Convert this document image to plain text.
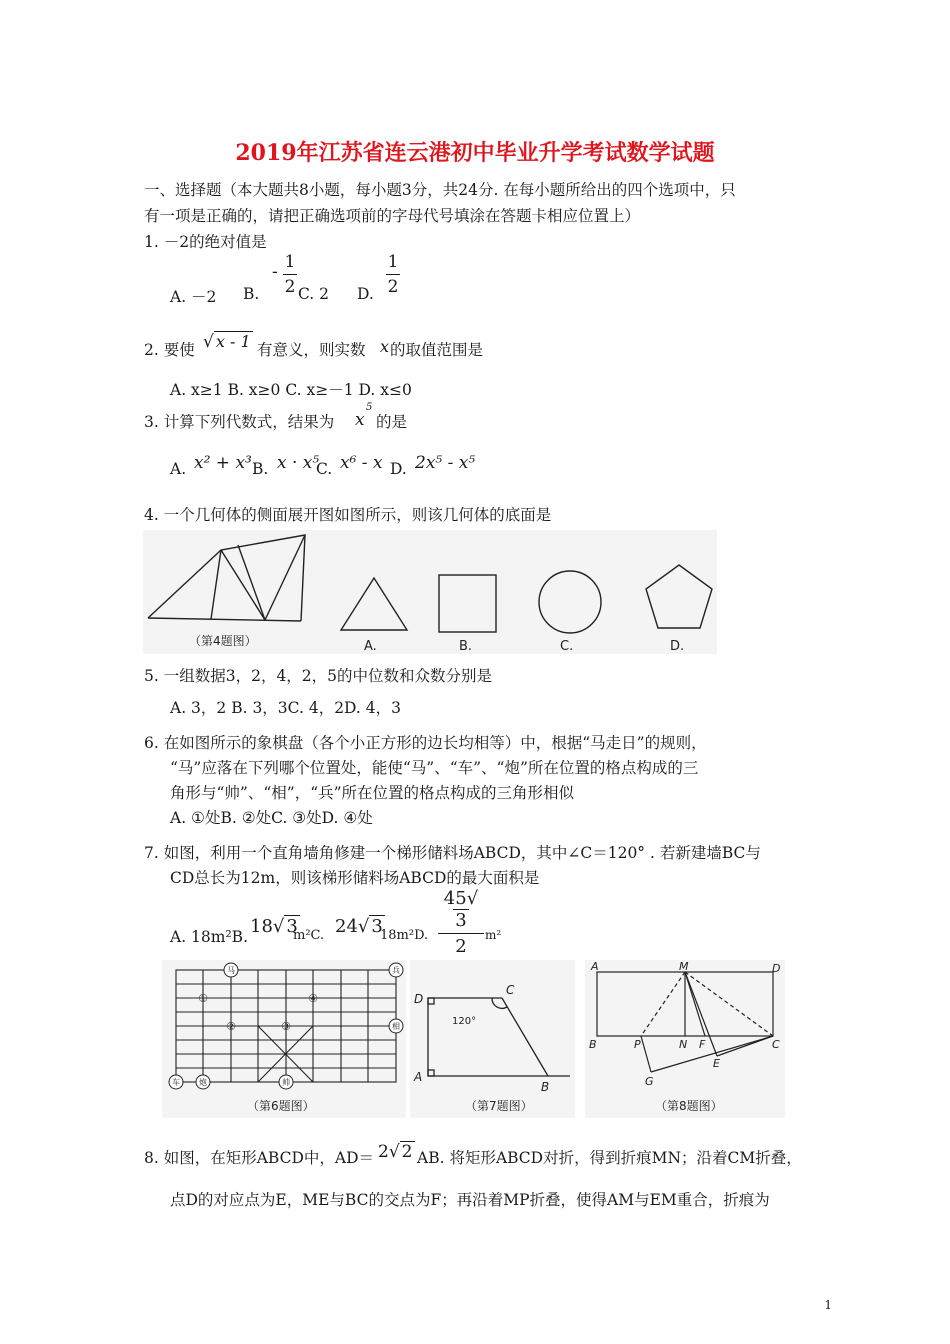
2019年江苏省连云港初中毕业升学考试数学试题
一、选择题（本大题共8小题，每小题3分，共24分. 在每小题所给出的四个选项中，只
有一项是正确的，请把正确选项前的字母代号填涂在答题卡相应位置上）
1. －2的绝对值是
A. －2 B.
- 1
2 C. 2 D.
1
2
2. 要使 √ x - 1 有意义，则实数 x 的取值范围是
A. x≥1 B. x≥0 C. x≥－1 D. x≤0
3. 计算下列代数式，结果为 x
5
的是
A. x² + x³ B. x · x⁵
C. x⁶ - x D. 2x⁵ - x⁵
4. 一个几何体的侧面展开图如图所示，则该几何体的底面是
（第4题图）	A.	B.	C.	D.
5. 一组数据3，2，4，2，5的中位数和众数分别是
A. 3，2 B. 3，3C. 4，2D. 4，3
6. 在如图所示的象棋盘（各个小正方形的边长均相等）中，根据“马走日”的规则，
“马”应落在下列哪个位置处，能使“马”、“车”、“炮”所在位置的格点构成的三
角形与“帅”、“相”，“兵”所在位置的格点构成的三角形相似
A. ①处B. ②处C. ③处D. ④处
7. 如图，利用一个直角墙角修建一个梯形储料场ABCD，其中∠C＝120° . 若新建墙BC与
CD总长为12m，则该梯形储料场ABCD的最大面积是
A. 18m²B. 18√ 3
m²C. 24√ 3
18m²D.
45√3
2
m²
马	兵
相
车 炮	帅
①
②	③
④
（第6题图）
D
C
A
B
120°
（第7题图）
A	M	D
B	P	N F	C
E
G
（第8题图）
8. 如图，在矩形ABCD中，AD＝ 2√ 2 AB. 将矩形ABCD对折，得到折痕MN；沿着CM折叠，
点D的对应点为E，ME与BC的交点为F；再沿着MP折叠，使得AM与EM重合，折痕为
1
